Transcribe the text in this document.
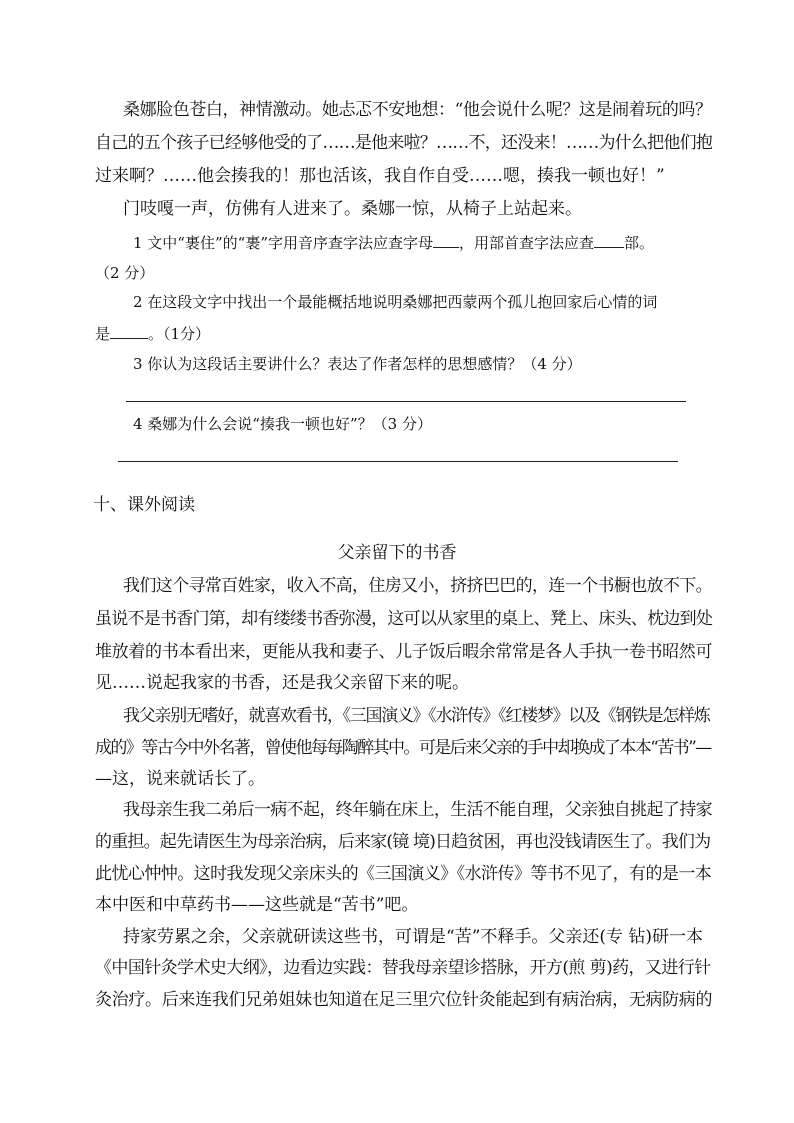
桑娜脸色苍白，神情激动。她忐忑不安地想：“他会说什么呢？这是闹着玩的吗？
自己的五个孩子已经够他受的了……是他来啦？……不，还没来！……为什么把他们抱
过来啊？……他会揍我的！那也活该，我自作自受……嗯，揍我一顿也好！”
门吱嘎一声，仿佛有人进来了。桑娜一惊，从椅子上站起来。
1 文中“裹住”的“裹”字用音序查字法应查字母 ，用部首查字法应查 部。
（2 分）
2 在这段文字中找出一个最能概括地说明桑娜把西蒙两个孤儿抱回家后心情的词
是	。（1分）
3 你认为这段话主要讲什么？表达了作者怎样的思想感情？（4 分）
4 桑娜为什么会说“揍我一顿也好”？（3 分）
十、课外阅读
父亲留下的书香
我们这个寻常百姓家，收入不高，住房又小，挤挤巴巴的，连一个书橱也放不下。
虽说不是书香门第，却有缕缕书香弥漫，这可以从家里的桌上、凳上、床头、枕边到处
堆放着的书本看出来，更能从我和妻子、儿子饭后暇余常常是各人手执一卷书昭然可
见……说起我家的书香，还是我父亲留下来的呢。
我父亲别无嗜好，就喜欢看书，《三国演义》《水浒传》《红楼梦》以及《钢铁是怎样炼
成的》等古今中外名著，曾使他每每陶醉其中。可是后来父亲的手中却换成了本本“苦书”—
—这，说来就话长了。
我母亲生我二弟后一病不起，终年躺在床上，生活不能自理，父亲独自挑起了持家
的重担。起先请医生为母亲治病，后来家(镜 境)日趋贫困，再也没钱请医生了。我们为
此忧心忡忡。这时我发现父亲床头的《三国演义》《水浒传》等书不见了，有的是一本
本中医和中草药书——这些就是“苦书”吧。
持家劳累之余，父亲就研读这些书，可谓是“苦”不释手。父亲还(专 钻)研一本
《中国针灸学术史大纲》，边看边实践：替我母亲望诊搭脉，开方(煎 剪)药，又进行针
灸治疗。后来连我们兄弟姐妹也知道在足三里穴位针灸能起到有病治病，无病防病的
